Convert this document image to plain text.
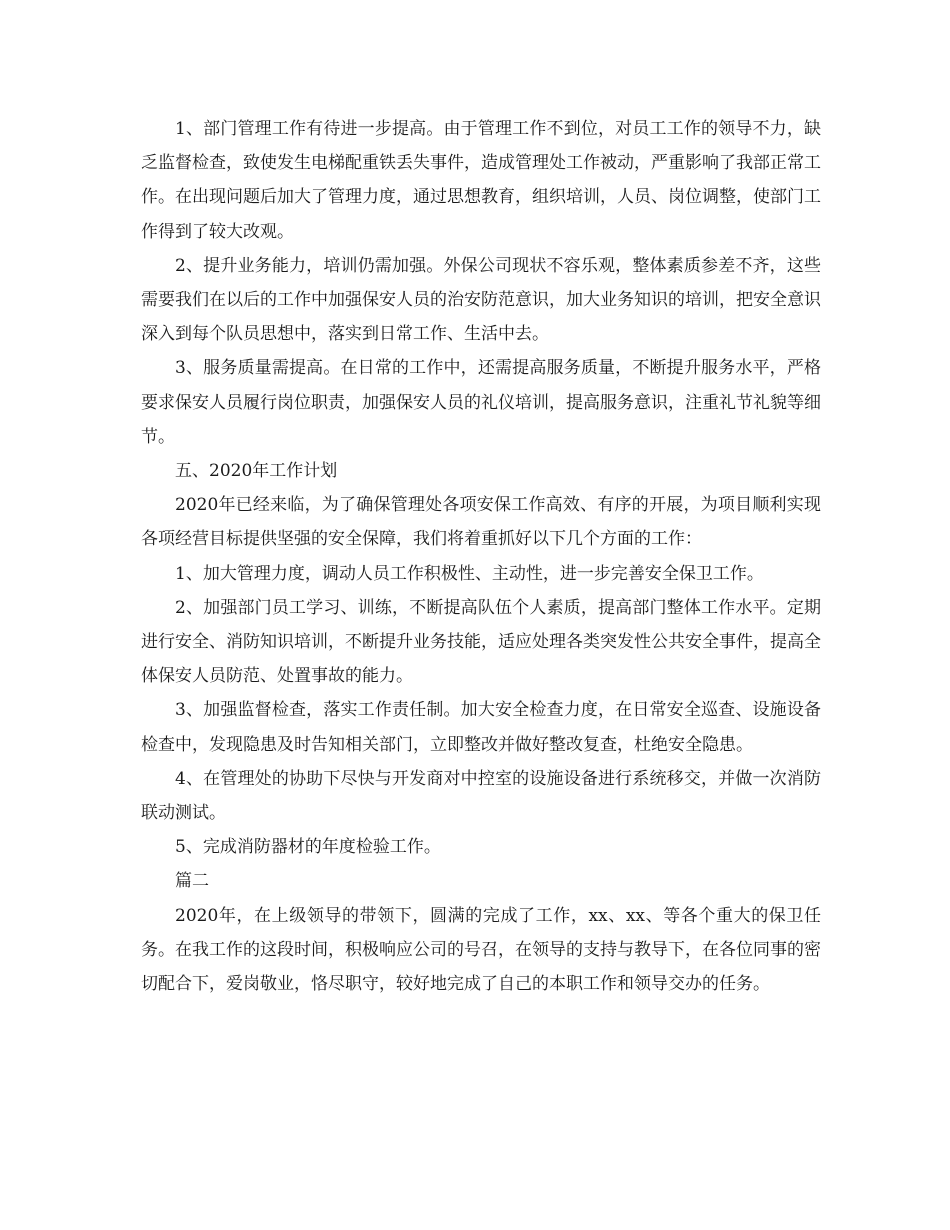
1、部门管理工作有待进一步提高。由于管理工作不到位，对员工工作的领导不力，缺乏监督检查，致使发生电梯配重铁丢失事件，造成管理处工作被动，严重影响了我部正常工作。在出现问题后加大了管理力度，通过思想教育，组织培训，人员、岗位调整，使部门工作得到了较大改观。

2、提升业务能力，培训仍需加强。外保公司现状不容乐观，整体素质参差不齐，这些需要我们在以后的工作中加强保安人员的治安防范意识，加大业务知识的培训，把安全意识深入到每个队员思想中，落实到日常工作、生活中去。

3、服务质量需提高。在日常的工作中，还需提高服务质量，不断提升服务水平，严格要求保安人员履行岗位职责，加强保安人员的礼仪培训，提高服务意识，注重礼节礼貌等细节。

五、2020年工作计划

2020年已经来临，为了确保管理处各项安保工作高效、有序的开展，为项目顺利实现各项经营目标提供坚强的安全保障，我们将着重抓好以下几个方面的工作：

1、加大管理力度，调动人员工作积极性、主动性，进一步完善安全保卫工作。

2、加强部门员工学习、训练，不断提高队伍个人素质，提高部门整体工作水平。定期进行安全、消防知识培训，不断提升业务技能，适应处理各类突发性公共安全事件，提高全体保安人员防范、处置事故的能力。

3、加强监督检查，落实工作责任制。加大安全检查力度，在日常安全巡查、设施设备检查中，发现隐患及时告知相关部门，立即整改并做好整改复查，杜绝安全隐患。

4、在管理处的协助下尽快与开发商对中控室的设施设备进行系统移交，并做一次消防联动测试。

5、完成消防器材的年度检验工作。

篇二

2020年，在上级领导的带领下，圆满的完成了工作，xx、xx、等各个重大的保卫任务。在我工作的这段时间，积极响应公司的号召，在领导的支持与教导下，在各位同事的密切配合下，爱岗敬业，恪尽职守，较好地完成了自己的本职工作和领导交办的任务。
